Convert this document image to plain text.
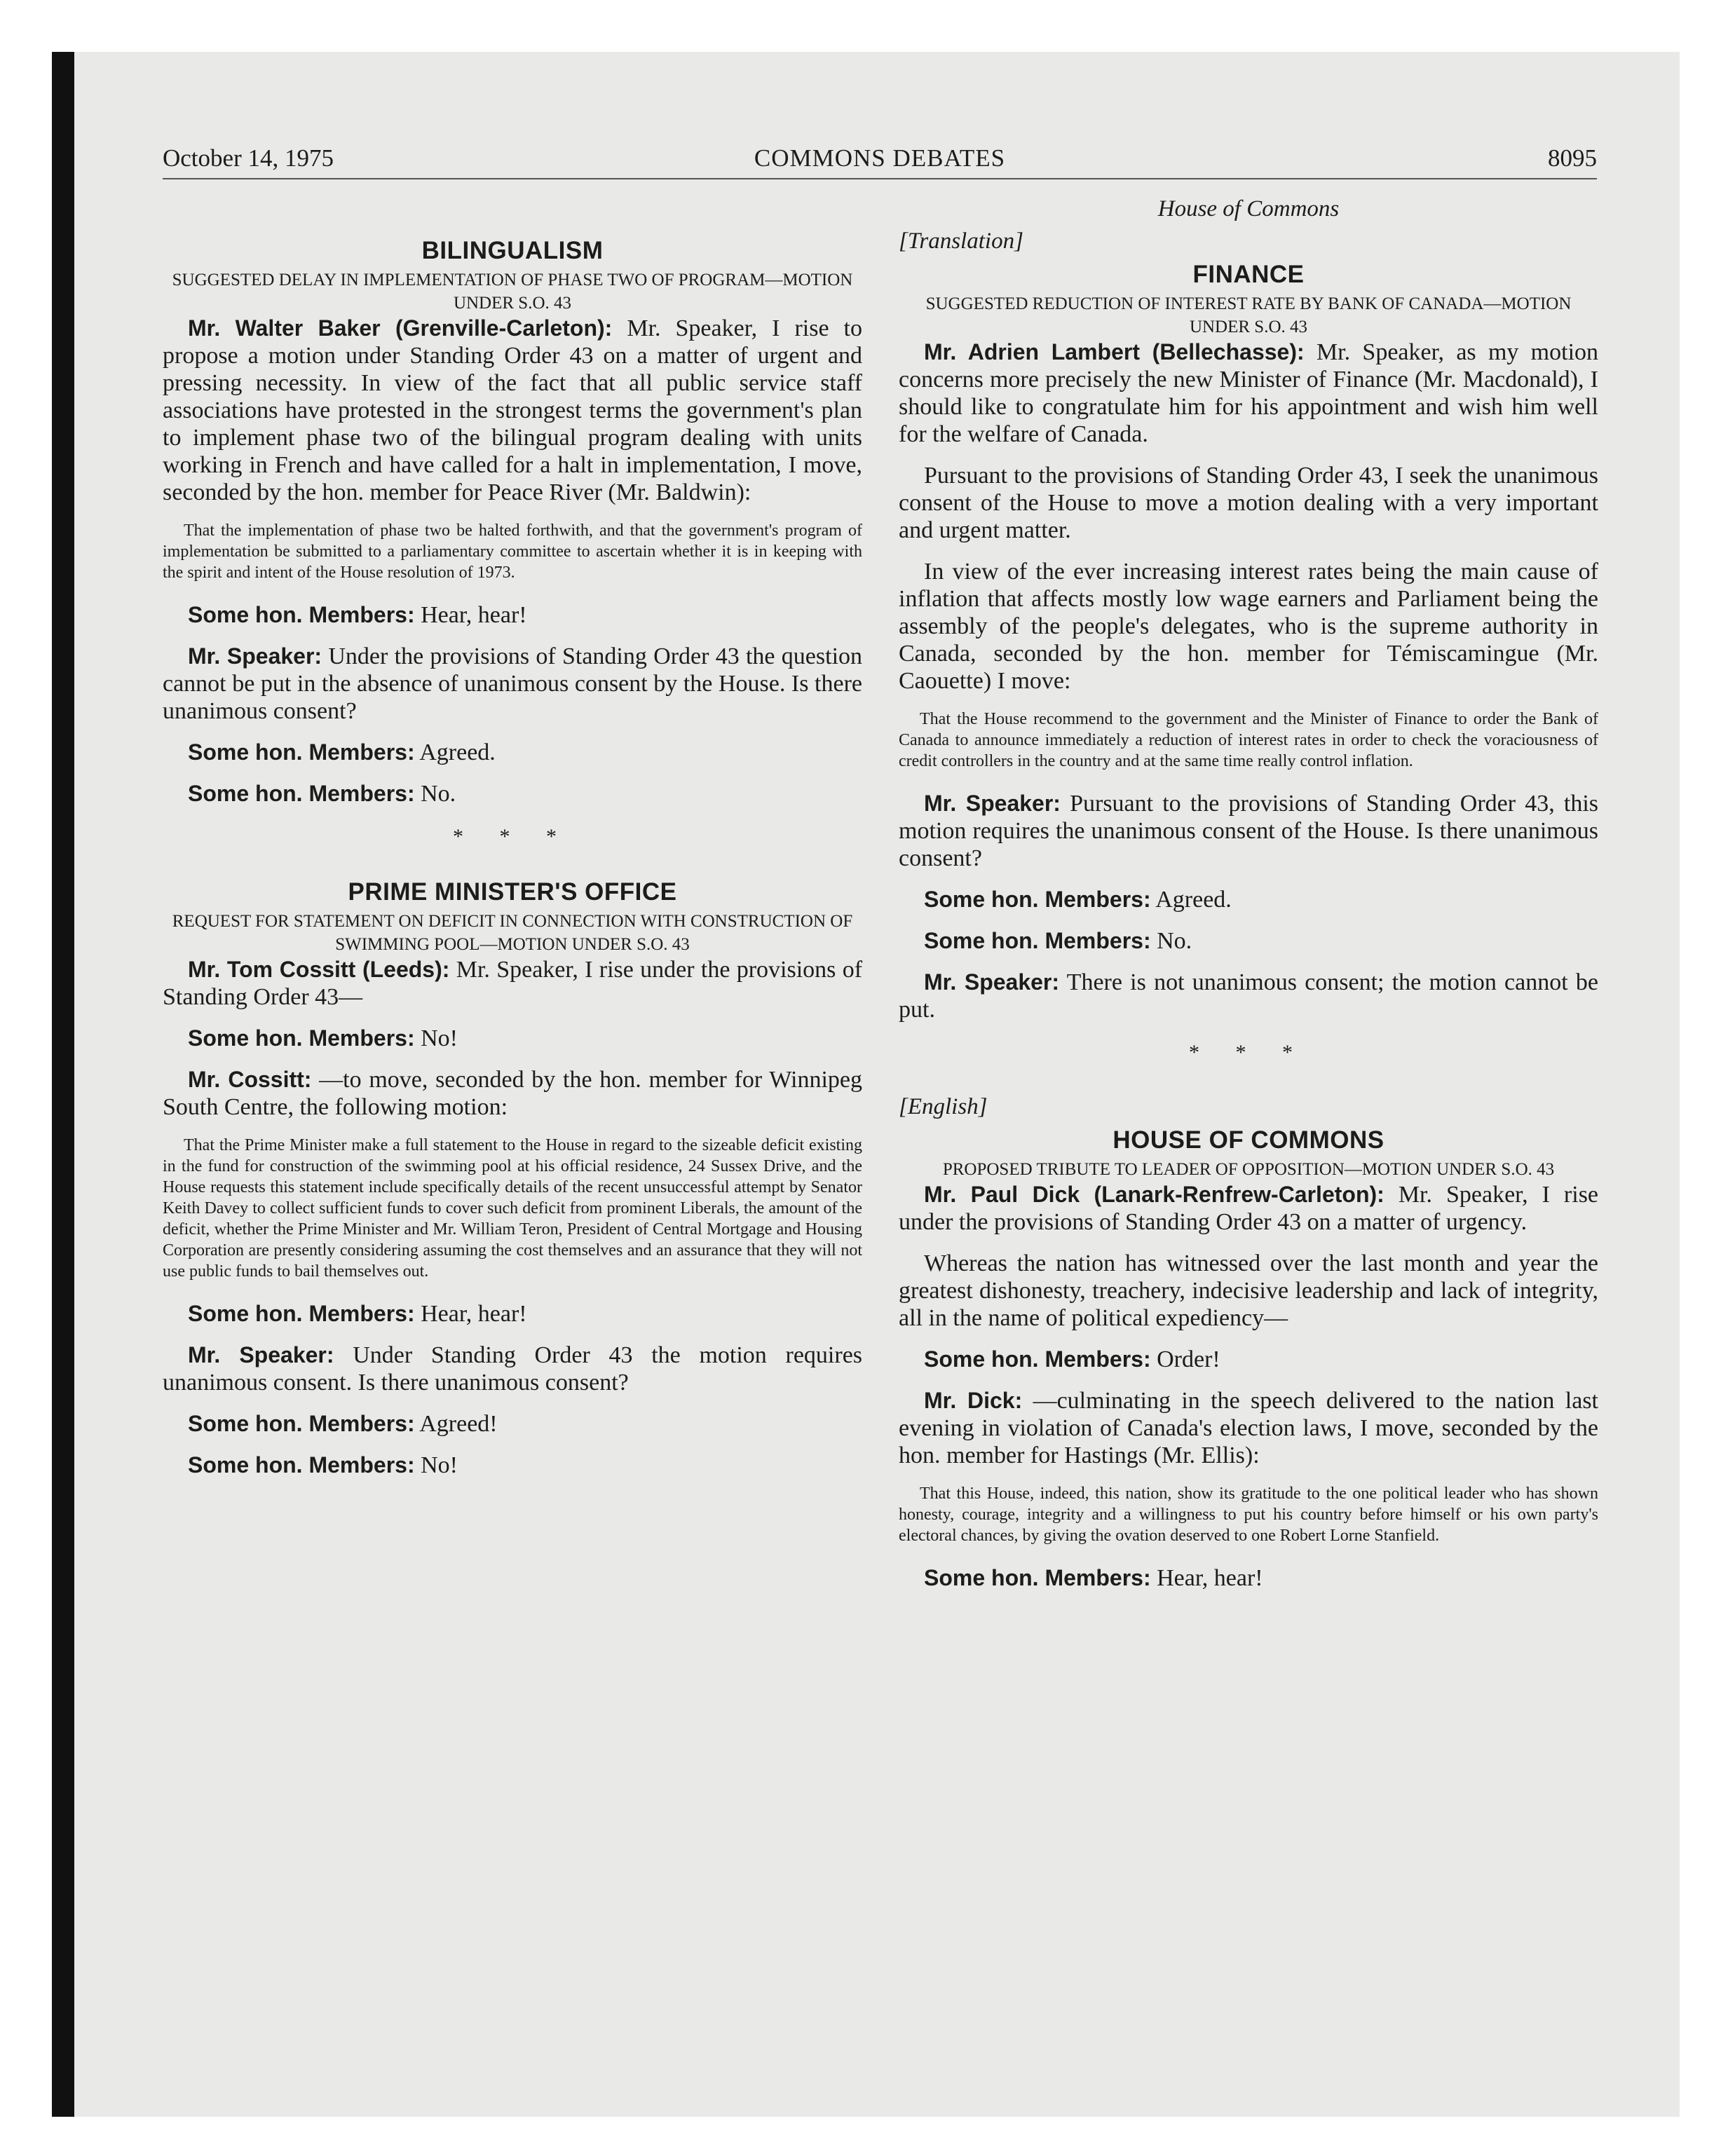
October 14, 1975	COMMONS DEBATES	8095

BILINGUALISM

SUGGESTED DELAY IN IMPLEMENTATION OF PHASE TWO OF PROGRAM—MOTION UNDER S.O. 43

Mr. Walter Baker (Grenville-Carleton): Mr. Speaker, I rise to propose a motion under Standing Order 43 on a matter of urgent and pressing necessity. In view of the fact that all public service staff associations have protested in the strongest terms the government's plan to implement phase two of the bilingual program dealing with units working in French and have called for a halt in implementation, I move, seconded by the hon. member for Peace River (Mr. Baldwin):

That the implementation of phase two be halted forthwith, and that the government's program of implementation be submitted to a parliamentary committee to ascertain whether it is in keeping with the spirit and intent of the House resolution of 1973.

Some hon. Members: Hear, hear!

Mr. Speaker: Under the provisions of Standing Order 43 the question cannot be put in the absence of unanimous consent by the House. Is there unanimous consent?

Some hon. Members: Agreed.

Some hon. Members: No.

* * *

PRIME MINISTER'S OFFICE

REQUEST FOR STATEMENT ON DEFICIT IN CONNECTION WITH CONSTRUCTION OF SWIMMING POOL—MOTION UNDER S.O. 43

Mr. Tom Cossitt (Leeds): Mr. Speaker, I rise under the provisions of Standing Order 43—

Some hon. Members: No!

Mr. Cossitt: —to move, seconded by the hon. member for Winnipeg South Centre, the following motion:

That the Prime Minister make a full statement to the House in regard to the sizeable deficit existing in the fund for construction of the swimming pool at his official residence, 24 Sussex Drive, and the House requests this statement include specifically details of the recent unsuccessful attempt by Senator Keith Davey to collect sufficient funds to cover such deficit from prominent Liberals, the amount of the deficit, whether the Prime Minister and Mr. William Teron, President of Central Mortgage and Housing Corporation are presently considering assuming the cost themselves and an assurance that they will not use public funds to bail themselves out.

Some hon. Members: Hear, hear!

Mr. Speaker: Under Standing Order 43 the motion requires unanimous consent. Is there unanimous consent?

Some hon. Members: Agreed!

Some hon. Members: No!

House of Commons

[Translation]

FINANCE

SUGGESTED REDUCTION OF INTEREST RATE BY BANK OF CANADA—MOTION UNDER S.O. 43

Mr. Adrien Lambert (Bellechasse): Mr. Speaker, as my motion concerns more precisely the new Minister of Finance (Mr. Macdonald), I should like to congratulate him for his appointment and wish him well for the welfare of Canada.

Pursuant to the provisions of Standing Order 43, I seek the unanimous consent of the House to move a motion dealing with a very important and urgent matter.

In view of the ever increasing interest rates being the main cause of inflation that affects mostly low wage earners and Parliament being the assembly of the people's delegates, who is the supreme authority in Canada, seconded by the hon. member for Témiscamingue (Mr. Caouette) I move:

That the House recommend to the government and the Minister of Finance to order the Bank of Canada to announce immediately a reduction of interest rates in order to check the voraciousness of credit controllers in the country and at the same time really control inflation.

Mr. Speaker: Pursuant to the provisions of Standing Order 43, this motion requires the unanimous consent of the House. Is there unanimous consent?

Some hon. Members: Agreed.

Some hon. Members: No.

Mr. Speaker: There is not unanimous consent; the motion cannot be put.

* * *

[English]

HOUSE OF COMMONS

PROPOSED TRIBUTE TO LEADER OF OPPOSITION—MOTION UNDER S.O. 43

Mr. Paul Dick (Lanark-Renfrew-Carleton): Mr. Speaker, I rise under the provisions of Standing Order 43 on a matter of urgency.

Whereas the nation has witnessed over the last month and year the greatest dishonesty, treachery, indecisive leadership and lack of integrity, all in the name of political expediency—

Some hon. Members: Order!

Mr. Dick: —culminating in the speech delivered to the nation last evening in violation of Canada's election laws, I move, seconded by the hon. member for Hastings (Mr. Ellis):

That this House, indeed, this nation, show its gratitude to the one political leader who has shown honesty, courage, integrity and a willingness to put his country before himself or his own party's electoral chances, by giving the ovation deserved to one Robert Lorne Stanfield.

Some hon. Members: Hear, hear!
